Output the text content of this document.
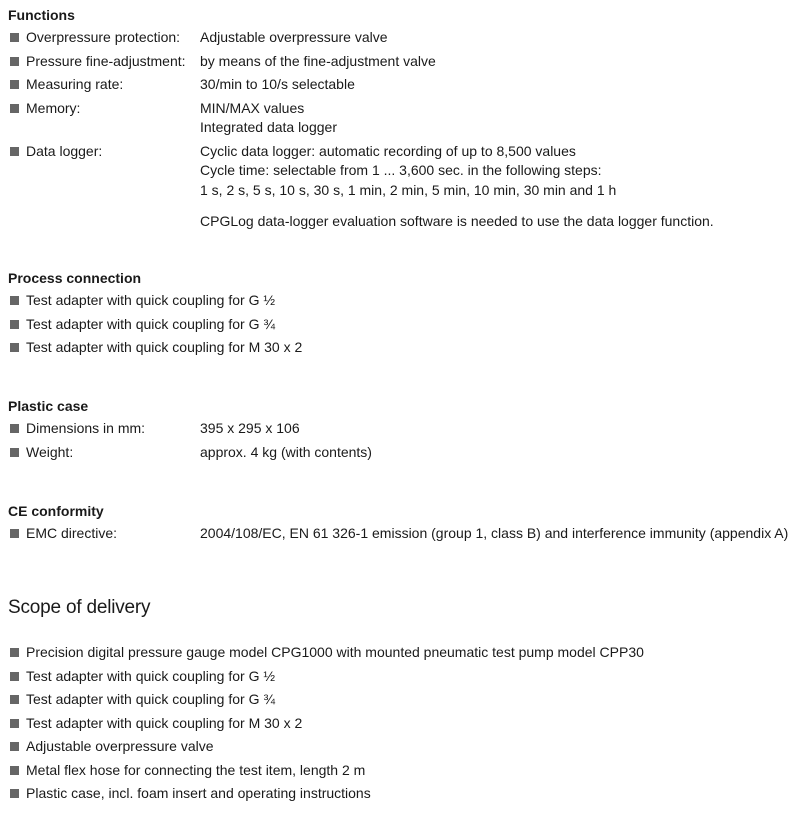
Functions
Overpressure protection: Adjustable overpressure valve
Pressure fine-adjustment: by means of the fine-adjustment valve
Measuring rate:	30/min to 10/s selectable
Memory:	MIN/MAX values
Integrated data logger
Data logger:	Cyclic data logger: automatic recording of up to 8,500 values
Cycle time: selectable from 1 ... 3,600 sec. in the following steps:
1 s, 2 s, 5 s, 10 s, 30 s, 1 min, 2 min, 5 min, 10 min, 30 min and 1 h
CPGLog data-logger evaluation software is needed to use the data logger function.
Process connection
Test adapter with quick coupling for G ½
Test adapter with quick coupling for G ¾
Test adapter with quick coupling for M 30 x 2
Plastic case
Dimensions in mm:	395 x 295 x 106
Weight:	approx. 4 kg (with contents)
CE conformity
EMC directive:	2004/108/EC, EN 61 326-1 emission (group 1, class B) and interference immunity (appendix A)
Scope of delivery
Precision digital pressure gauge model CPG1000 with mounted pneumatic test pump model CPP30
Test adapter with quick coupling for G ½
Test adapter with quick coupling for G ¾
Test adapter with quick coupling for M 30 x 2
Adjustable overpressure valve
Metal flex hose for connecting the test item, length 2 m
Plastic case, incl. foam insert and operating instructions
